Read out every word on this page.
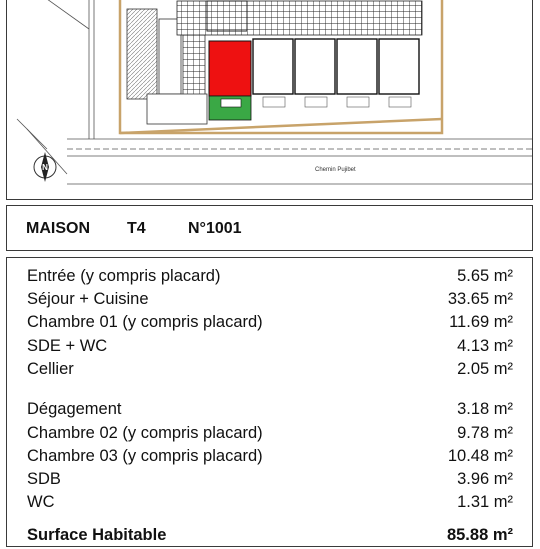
N	Chemin Pujibet
MAISON T4	N°1001
Entrée (y compris placard)	5.65 m²
Séjour + Cuisine	33.65 m²
Chambre 01 (y compris placard)	11.69 m²
SDE + WC	4.13 m²
Cellier	2.05 m²
Dégagement	3.18 m²
Chambre 02 (y compris placard)	9.78 m²
Chambre 03 (y compris placard)	10.48 m²
SDB	3.96 m²
WC	1.31 m²
Surface Habitable	85.88 m²
